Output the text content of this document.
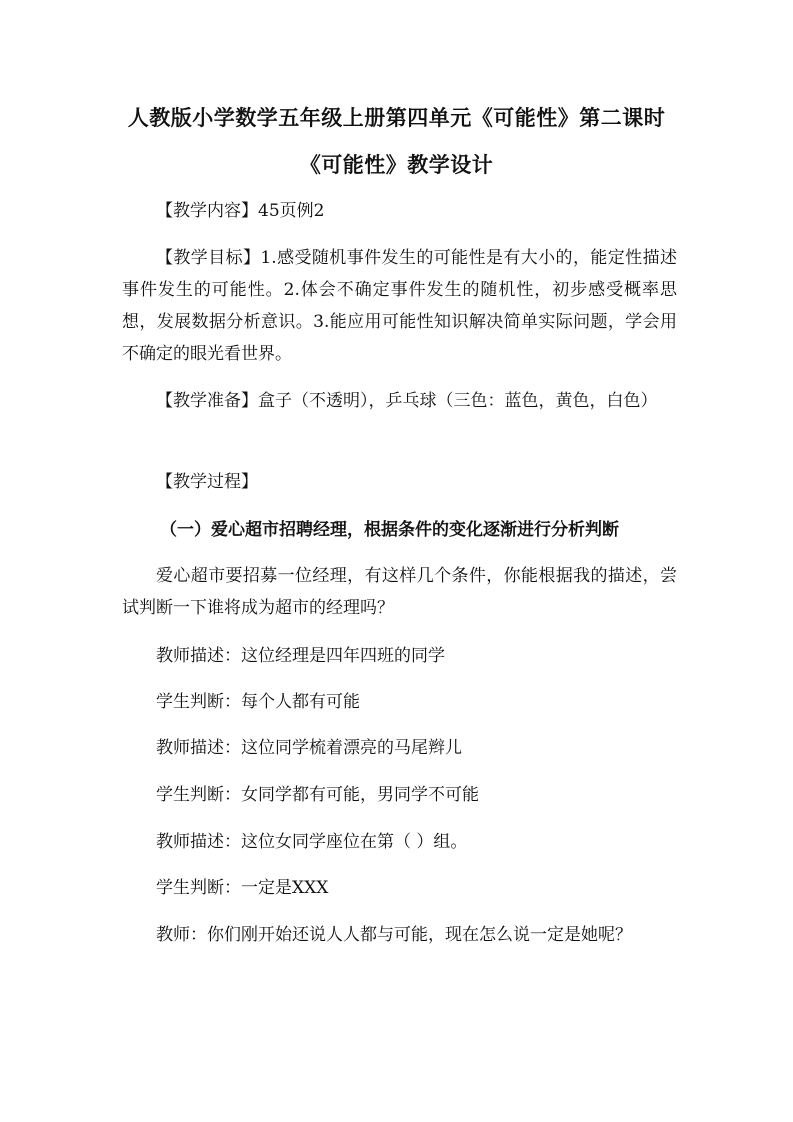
人教版小学数学五年级上册第四单元《可能性》第二课时
《可能性》教学设计
【教学内容】45页例2
【教学目标】1.感受随机事件发生的可能性是有大小的，能定性描述事件发生的可能性。2.体会不确定事件发生的随机性，初步感受概率思想，发展数据分析意识。3.能应用可能性知识解决简单实际问题，学会用不确定的眼光看世界。
【教学准备】盒子（不透明），乒乓球（三色：蓝色，黄色，白色）
【教学过程】
（一）爱心超市招聘经理，根据条件的变化逐渐进行分析判断
爱心超市要招募一位经理，有这样几个条件，你能根据我的描述，尝试判断一下谁将成为超市的经理吗？
教师描述：这位经理是四年四班的同学
学生判断：每个人都有可能
教师描述：这位同学梳着漂亮的马尾辫儿
学生判断：女同学都有可能，男同学不可能
教师描述：这位女同学座位在第（ ）组。
学生判断：一定是XXX
教师：你们刚开始还说人人都与可能，现在怎么说一定是她呢？
